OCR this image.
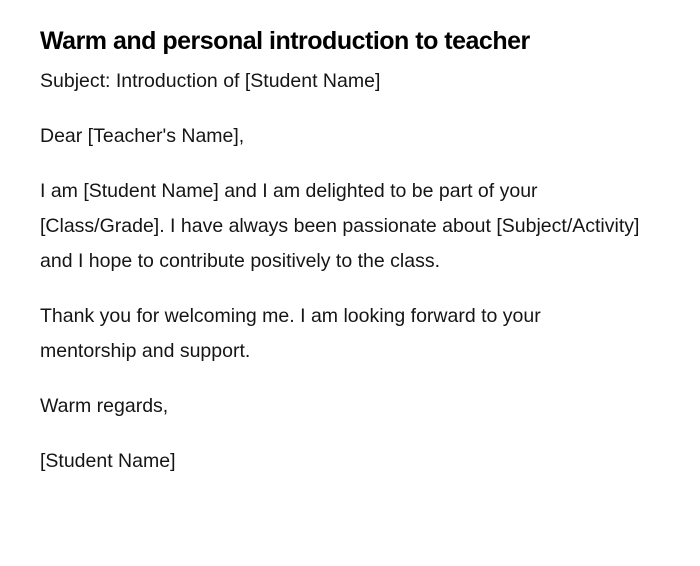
Warm and personal introduction to teacher

Subject: Introduction of [Student Name]

Dear [Teacher's Name],

I am [Student Name] and I am delighted to be part of your [Class/Grade]. I have always been passionate about [Subject/Activity] and I hope to contribute positively to the class.

Thank you for welcoming me. I am looking forward to your mentorship and support.

Warm regards,

[Student Name]
